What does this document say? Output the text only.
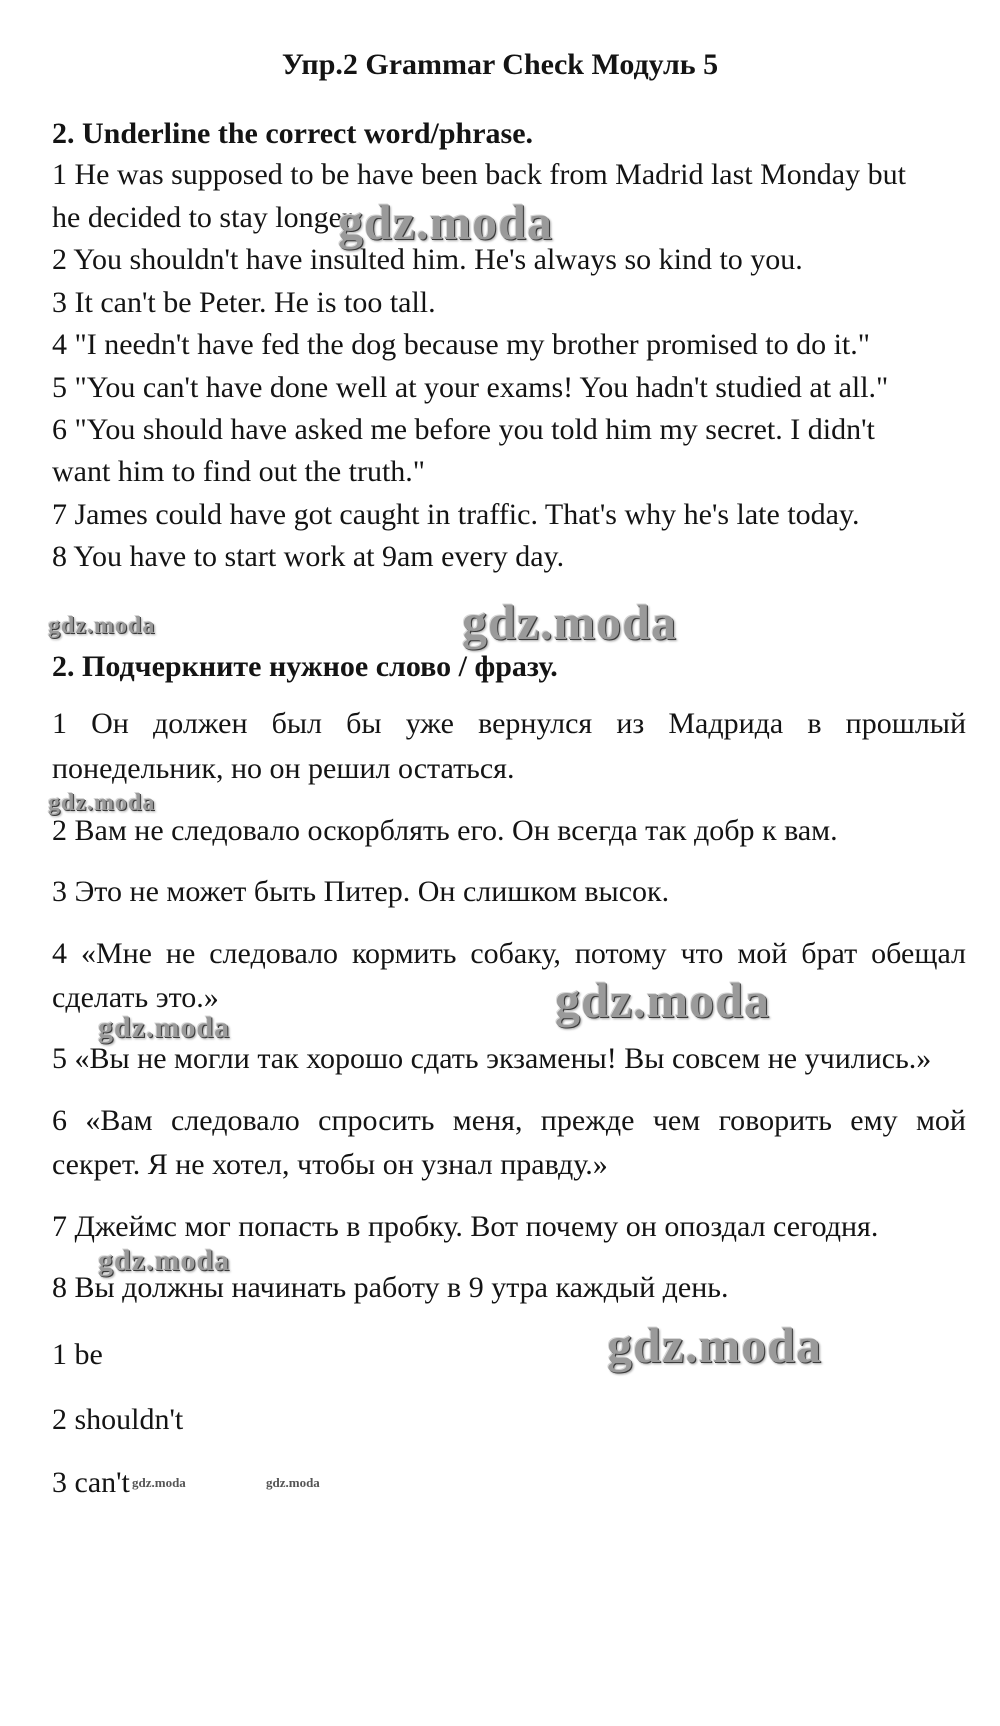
Упр.2 Grammar Check Модуль 5
2. Underline the correct word/phrase.
1 He was supposed to be have been back from Madrid last Monday but
he decided to stay longer.
2 You shouldn't have insulted him. He's always so kind to you.
3 It can't be Peter. He is too tall.
4 "I needn't have fed the dog because my brother promised to do it."
5 "You can't have done well at your exams! You hadn't studied at all."
6 "You should have asked me before you told him my secret. I didn't
want him to find out the truth."
7 James could have got caught in traffic. That's why he's late today.
8 You have to start work at 9am every day.
2. Подчеркните нужное слово / фразу.
1 Он должен был бы уже вернулся из Мадрида в прошлый
понедельник, но он решил остаться.
2 Вам не следовало оскорблять его. Он всегда так добр к вам.
3 Это не может быть Питер. Он слишком высок.
4 «Мне не следовало кормить собаку, потому что мой брат обещал
сделать это.»
5 «Вы не могли так хорошо сдать экзамены! Вы совсем не учились.»
6 «Вам следовало спросить меня, прежде чем говорить ему мой
секрет. Я не хотел, чтобы он узнал правду.»
7 Джеймс мог попасть в пробку. Вот почему он опоздал сегодня.
8 Вы должны начинать работу в 9 утра каждый день.
1 be
2 shouldn't
3 can't
gdz.moda
gdz.moda	gdz.moda
gdz.moda
gdz.moda
gdz.moda
gdz.moda
gdz.moda
gdz.moda	gdz.moda
